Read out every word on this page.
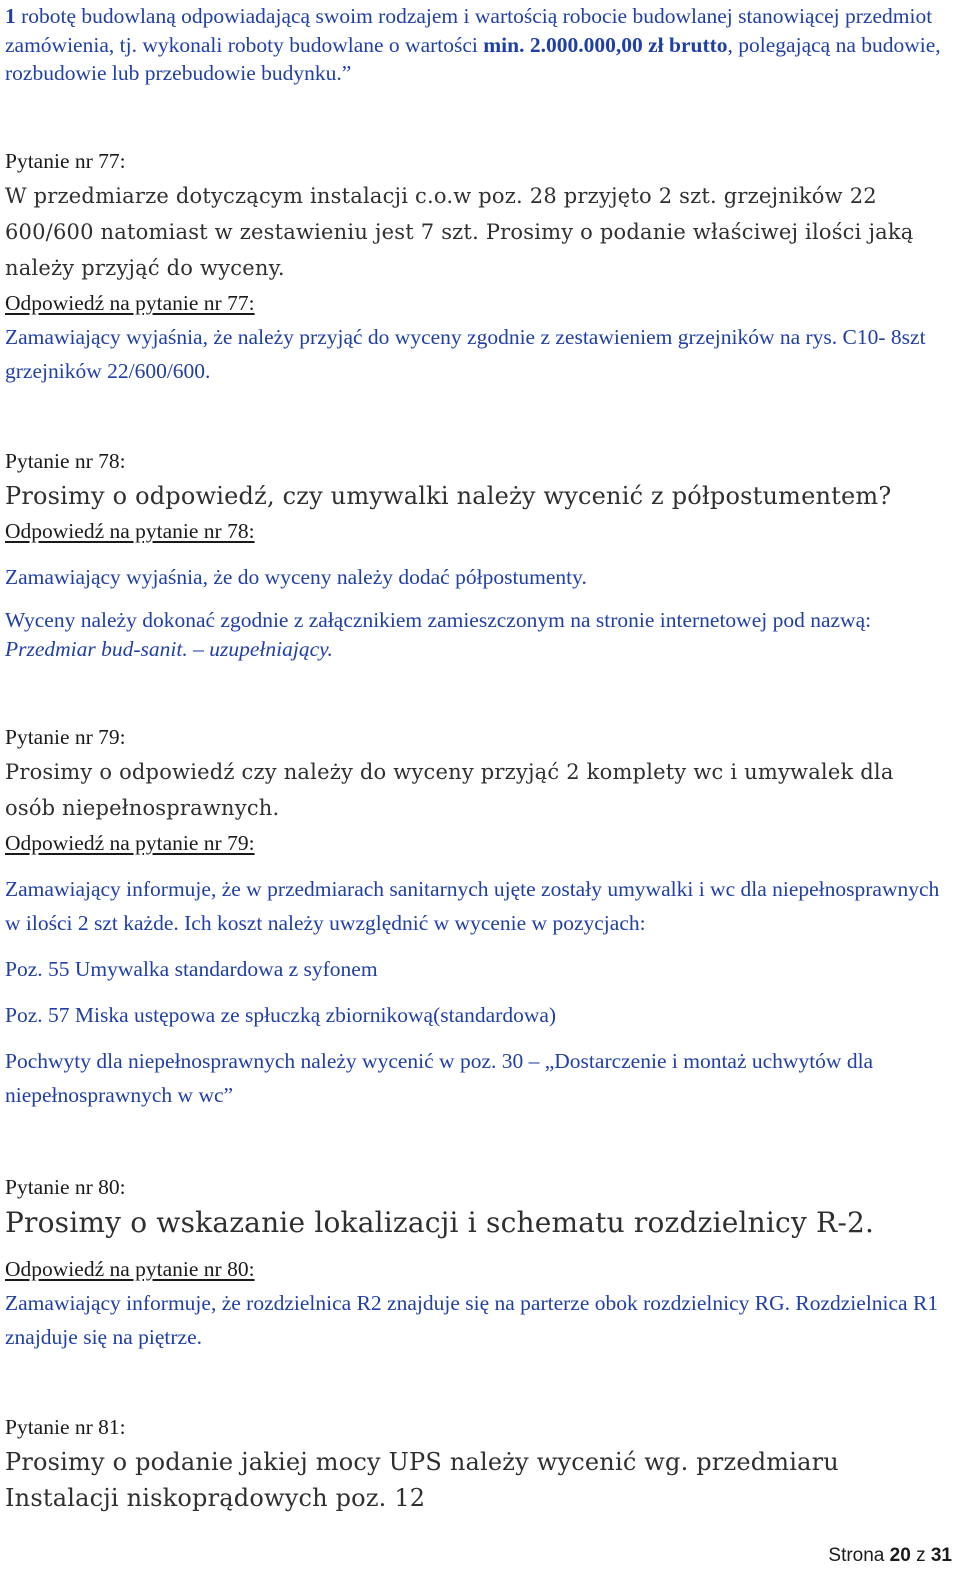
1 robotę budowlaną odpowiadającą swoim rodzajem i wartością robocie budowlanej stanowiącej przedmiot zamówienia, tj. wykonali roboty budowlane o wartości min. 2.000.000,00 zł brutto, polegającą na budowie, rozbudowie lub przebudowie budynku.”

Pytanie nr 77:

W przedmiarze dotyczącym instalacji c.o.w poz. 28 przyjęto 2 szt. grzejników 22 600/600 natomiast w zestawieniu jest 7 szt. Prosimy o podanie właściwej ilości jaką należy przyjąć do wyceny.

Odpowiedź na pytanie nr 77:

Zamawiający wyjaśnia, że należy przyjąć do wyceny zgodnie z zestawieniem grzejników na rys. C10- 8szt grzejników 22/600/600.

Pytanie nr 78:

Prosimy o odpowiedź, czy umywalki należy wycenić z półpostumentem?

Odpowiedź na pytanie nr 78:

Zamawiający wyjaśnia, że do wyceny należy dodać półpostumenty.

Wyceny należy dokonać zgodnie z załącznikiem zamieszczonym na stronie internetowej pod nazwą: Przedmiar bud-sanit. – uzupełniający.

Pytanie nr 79:

Prosimy o odpowiedź czy należy do wyceny przyjąć 2 komplety wc i umywalek dla osób niepełnosprawnych.

Odpowiedź na pytanie nr 79:

Zamawiający informuje, że w przedmiarach sanitarnych ujęte zostały umywalki i wc dla niepełnosprawnych w ilości 2 szt każde. Ich koszt należy uwzględnić w wycenie w pozycjach:

Poz. 55 Umywalka standardowa z syfonem

Poz. 57 Miska ustępowa ze spłuczką zbiornikową(standardowa)

Pochwyty dla niepełnosprawnych należy wycenić w poz. 30 – „Dostarczenie i montaż uchwytów dla niepełnosprawnych w wc”

Pytanie nr 80:

Prosimy o wskazanie lokalizacji i schematu rozdzielnicy R-2.

Odpowiedź na pytanie nr 80:

Zamawiający informuje, że rozdzielnica R2 znajduje się na parterze obok rozdzielnicy RG. Rozdzielnica R1 znajduje się na piętrze.

Pytanie nr 81:

Prosimy o podanie jakiej mocy UPS należy wycenić wg. przedmiaru Instalacji niskoprądowych poz. 12

Strona 20 z 31
